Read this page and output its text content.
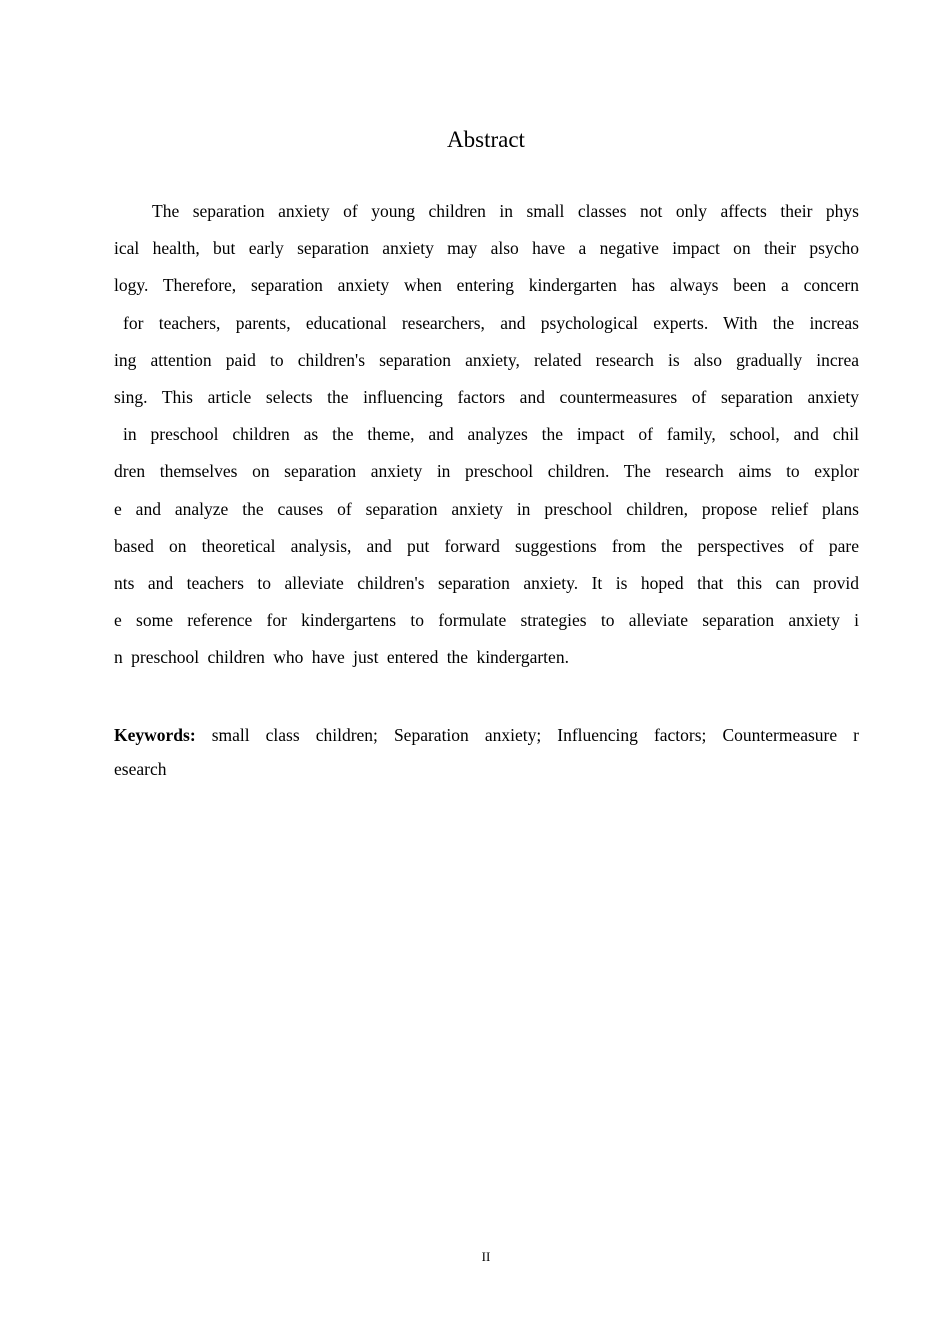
Abstract
The separation anxiety of young children in small classes not only affects their phys
ical health, but early separation anxiety may also have a negative impact on their psycho
logy. Therefore, separation anxiety when entering kindergarten has always been a concern
for teachers, parents, educational researchers, and psychological experts. With the increas
ing attention paid to children's separation anxiety, related research is also gradually increa
sing. This article selects the influencing factors and countermeasures of separation anxiety
in preschool children as the theme, and analyzes the impact of family, school, and chil
dren themselves on separation anxiety in preschool children. The research aims to explor
e and analyze the causes of separation anxiety in preschool children, propose relief plans
based on theoretical analysis, and put forward suggestions from the perspectives of pare
nts and teachers to alleviate children's separation anxiety. It is hoped that this can provid
e some reference for kindergartens to formulate strategies to alleviate separation anxiety i
n preschool children who have just entered the kindergarten.
Keywords: small class children; Separation anxiety; Influencing factors; Countermeasure r
esearch
II
